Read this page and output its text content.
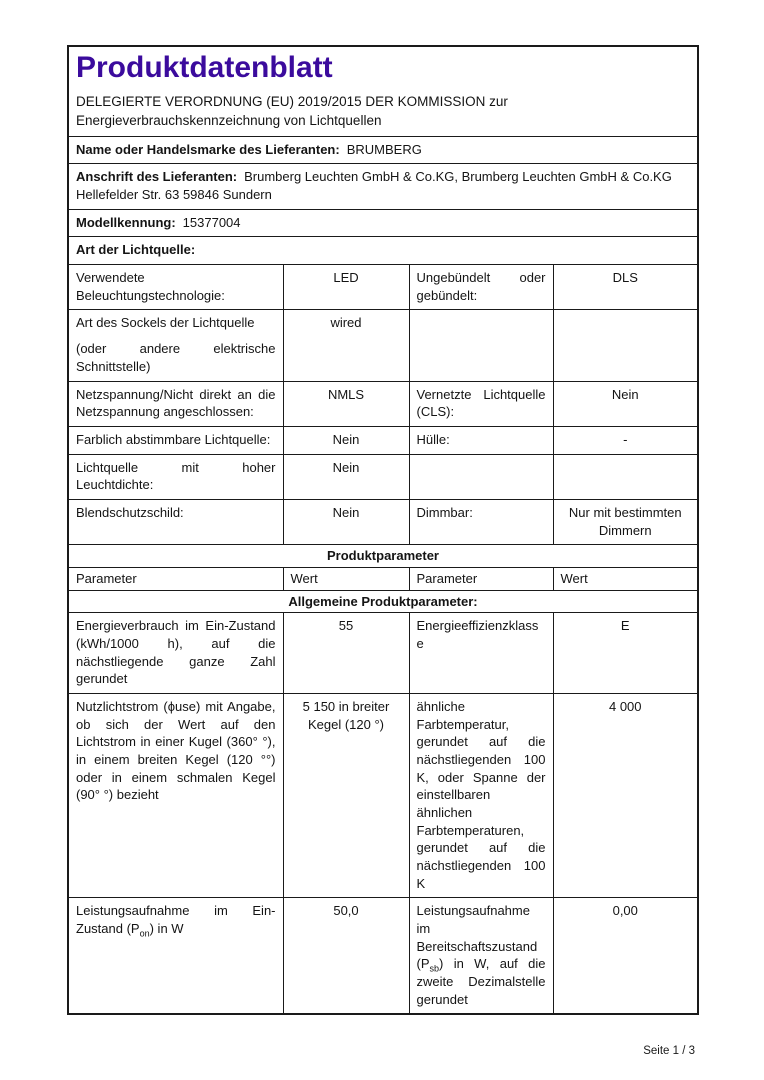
Produktdatenblatt
DELEGIERTE VERORDNUNG (EU) 2019/2015 DER KOMMISSION zur Energieverbrauchskennzeichnung von Lichtquellen			

Name oder Handelsmarke des Lieferanten: BRUMBERG			
Anschrift des Lieferanten: Brumberg Leuchten GmbH & Co.KG, Brumberg Leuchten GmbH & Co.KG Hellefelder Str. 63 59846 Sundern			
Modellkennung: 15377004			
Art der Lichtquelle:			
Verwendete Beleuchtungstechnologie:	LED	Ungebündelt oder gebündelt:	DLS
Art des Sockels der Lichtquelle
(oder andere elektrische Schnittstelle)	wired		
Netzspannung/Nicht direkt an die Netzspannung angeschlossen:	NMLS	Vernetzte Lichtquelle (CLS):	Nein
Farblich abstimmbare Lichtquelle:	Nein	Hülle:	-
Lichtquelle mit hoher Leuchtdichte:	Nein		
Blendschutzschild:	Nein	Dimmbar:	Nur mit bestimmten Dimmern
Produktparameter			
Parameter	Wert	Parameter	Wert
Allgemeine Produktparameter:			
Energieverbrauch im Ein-Zustand (kWh/1000 h), auf die nächstliegende ganze Zahl gerundet	55	Energieeffizienzklasse	E
Nutzlichtstrom (ϕuse) mit Angabe, ob sich der Wert auf den Lichtstrom in einer Kugel (360° °), in einem breiten Kegel (120 °°) oder in einem schmalen Kegel (90° °) bezieht	5 150 in breiter Kegel (120 °)	ähnliche Farbtemperatur, gerundet auf die nächstliegenden 100 K, oder Spanne der einstellbaren ähnlichen Farbtemperaturen, gerundet auf die nächstliegenden 100 K	4 000
Leistungsaufnahme im Ein-Zustand $(P_{on})$ in W	50,0	Leistungsaufnahme im Bereitschaftszustand $(P_{sb})$ in W, auf die zweite Dezimalstelle gerundet	0,00
Seite 1 / 3
